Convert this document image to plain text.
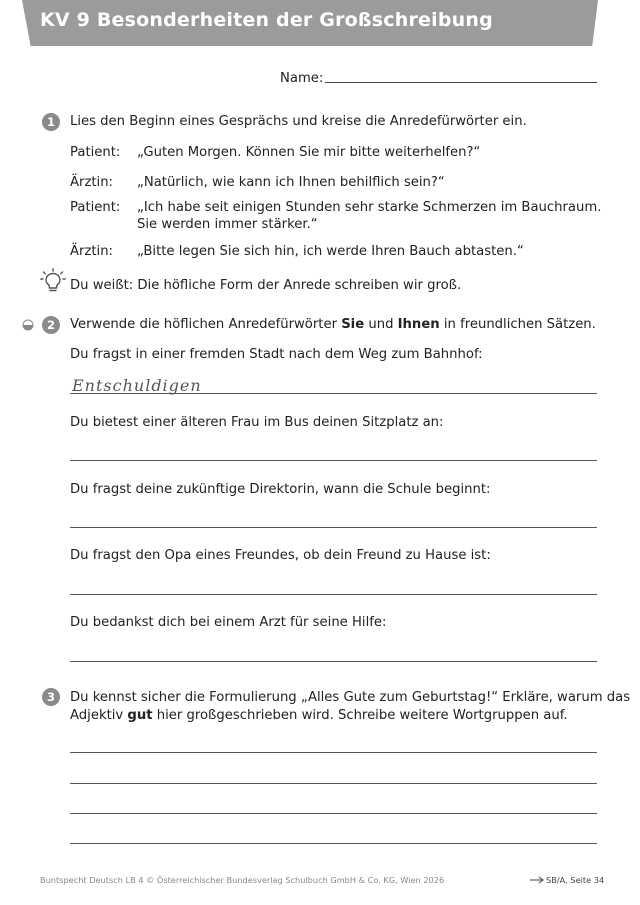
KV 9 Besonderheiten der Großschreibung
Name:
1	Lies den Beginn eines Gesprächs und kreise die Anredefürwörter ein.
Patient: „Guten Morgen. Können Sie mir bitte weiterhelfen?“
Ärztin: „Natürlich, wie kann ich Ihnen behilflich sein?“
Patient: „Ich habe seit einigen Stunden sehr starke Schmerzen im Bauchraum.
Sie werden immer stärker.“
Ärztin: „Bitte legen Sie sich hin, ich werde Ihren Bauch abtasten.“
Du weißt: Die höfliche Form der Anrede schreiben wir groß.
2	Verwende die höflichen Anredefürwörter Sie und Ihnen in freundlichen Sätzen.
Du fragst in einer fremden Stadt nach dem Weg zum Bahnhof:
Entschuldigen
Du bietest einer älteren Frau im Bus deinen Sitzplatz an:
Du fragst deine zukünftige Direktorin, wann die Schule beginnt:
Du fragst den Opa eines Freundes, ob dein Freund zu Hause ist:
Du bedankst dich bei einem Arzt für seine Hilfe:
3	Du kennst sicher die Formulierung „Alles Gute zum Geburtstag!“ Erkläre, warum das
Adjektiv gut hier großgeschrieben wird. Schreibe weitere Wortgruppen auf.
Buntspecht Deutsch LB 4 © Österreichischer Bundesverlag Schulbuch GmbH & Co. KG, Wien 2026	SB/A, Seite 34
